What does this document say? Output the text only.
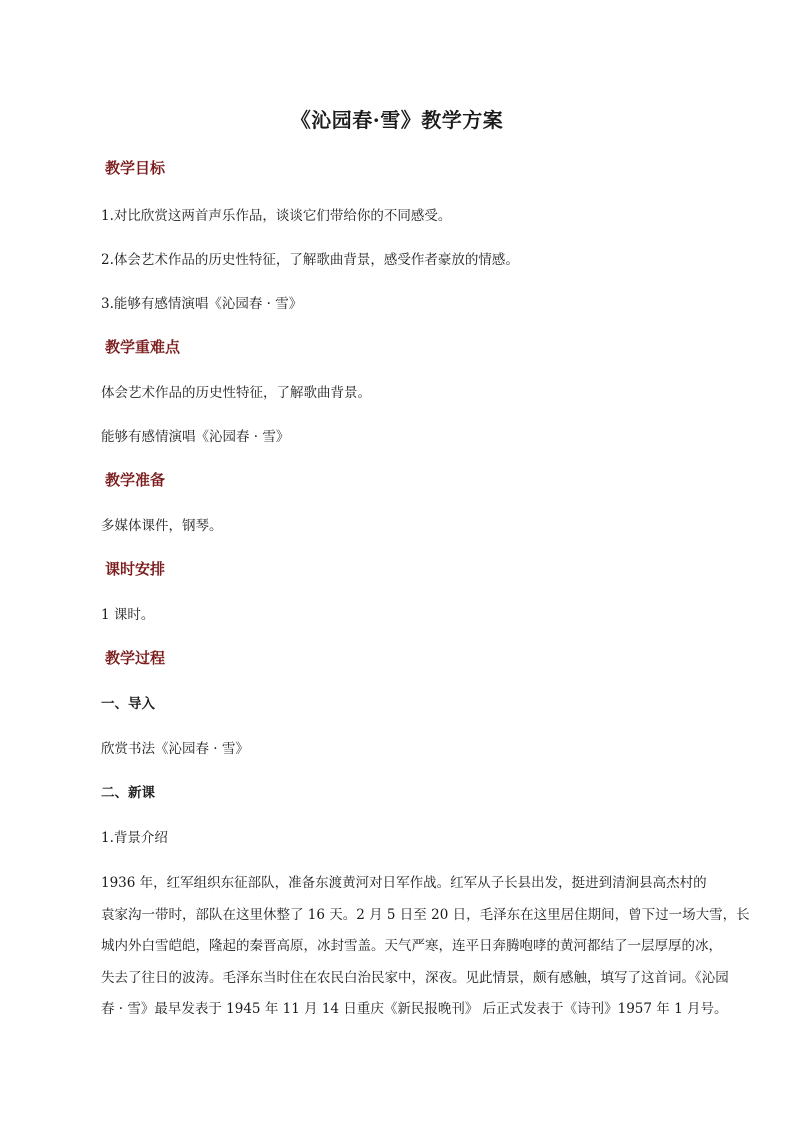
《沁园春·雪》教学方案
教学目标
1.对比欣赏这两首声乐作品，谈谈它们带给你的不同感受。
2.体会艺术作品的历史性特征，了解歌曲背景，感受作者豪放的情感。
3.能够有感情演唱《沁园春 · 雪》
教学重难点
体会艺术作品的历史性特征，了解歌曲背景。
能够有感情演唱《沁园春 · 雪》
教学准备
多媒体课件，钢琴。
课时安排
1 课时。
教学过程
一、导入
欣赏书法《沁园春 · 雪》
二、新课
1.背景介绍
1936 年，红军组织东征部队，准备东渡黄河对日军作战。红军从子长县出发，挺进到清涧县高杰村的
袁家沟一带时，部队在这里休整了 16 天。2 月 5 日至 20 日，毛泽东在这里居住期间，曾下过一场大雪，长
城内外白雪皑皑，隆起的秦晋高原，冰封雪盖。天气严寒，连平日奔腾咆哮的黄河都结了一层厚厚的冰，
失去了往日的波涛。毛泽东当时住在农民白治民家中，深夜。见此情景，颇有感触，填写了这首词。《沁园
春 · 雪》最早发表于 1945 年 11 月 14 日重庆《新民报晚刊》 后正式发表于《诗刊》1957 年 1 月号。
